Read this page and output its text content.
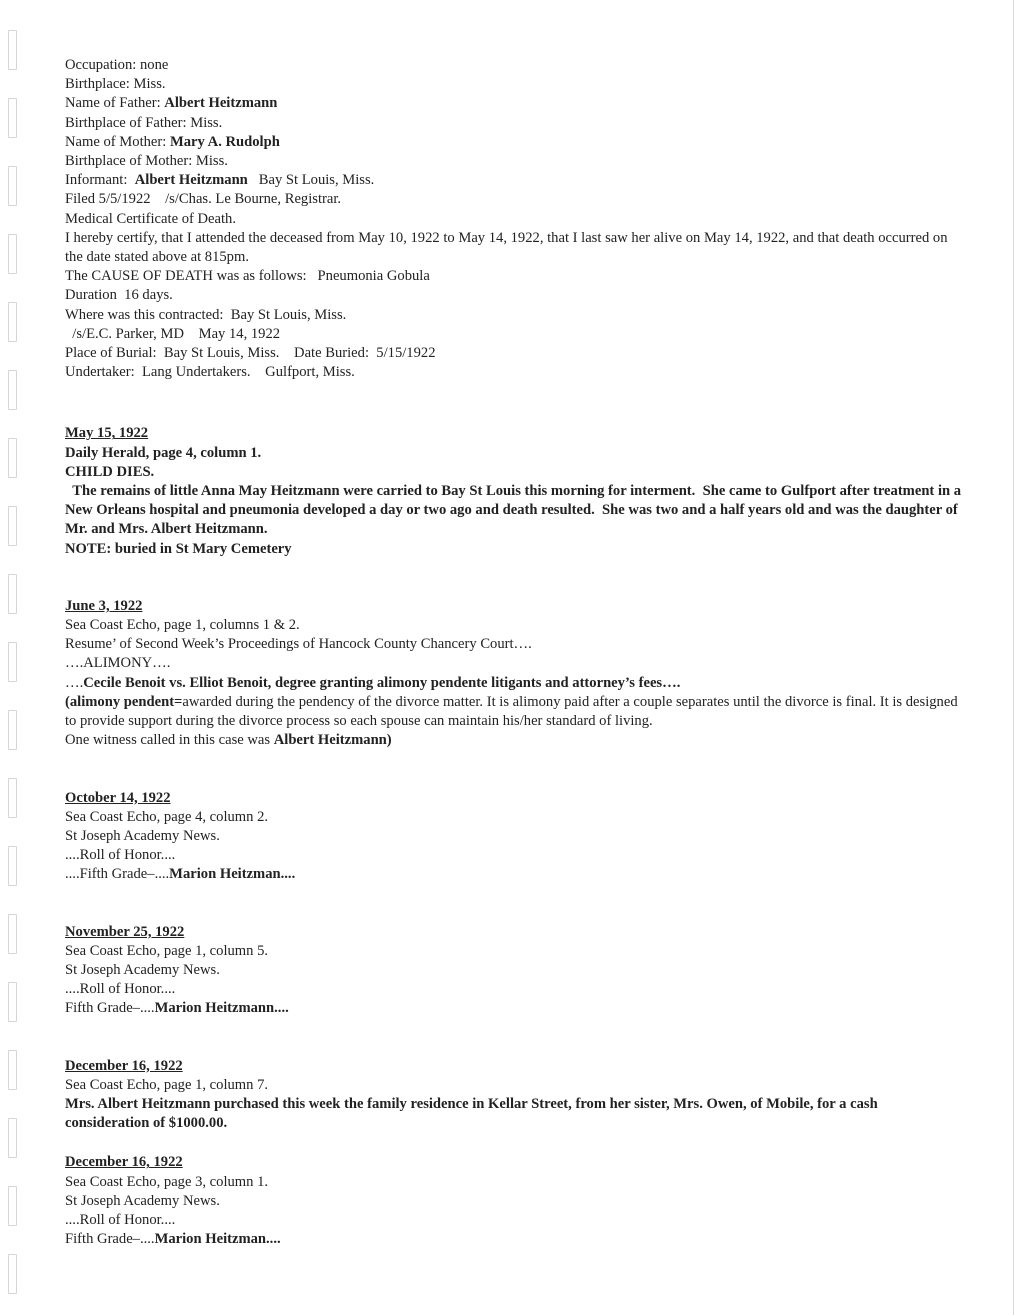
Occupation: none

Birthplace: Miss.

Name of Father: Albert Heitzmann

Birthplace of Father: Miss.

Name of Mother: Mary A. Rudolph

Birthplace of Mother: Miss.

Informant:  Albert Heitzmann   Bay St Louis, Miss.

Filed 5/5/1922    /s/Chas. Le Bourne, Registrar.

Medical Certificate of Death.

I hereby certify, that I attended the deceased from May 10, 1922 to May 14, 1922, that I last saw her alive on May 14, 1922, and that death occurred on the date stated above at 815pm.

The CAUSE OF DEATH was as follows:   Pneumonia Gobula

Duration  16 days.

Where was this contracted:  Bay St Louis, Miss.

/s/E.C. Parker, MD    May 14, 1922

Place of Burial:  Bay St Louis, Miss.    Date Buried:  5/15/1922

Undertaker:  Lang Undertakers.    Gulfport, Miss.

May 15, 1922

Daily Herald, page 4, column 1.

CHILD DIES.

The remains of little Anna May Heitzmann were carried to Bay St Louis this morning for interment.  She came to Gulfport after treatment in a New Orleans hospital and pneumonia developed a day or two ago and death resulted.  She was two and a half years old and was the daughter of Mr. and Mrs. Albert Heitzmann.

NOTE: buried in St Mary Cemetery

June 3, 1922

Sea Coast Echo, page 1, columns 1 & 2.

Resume’ of Second Week’s Proceedings of Hancock County Chancery Court….

….ALIMONY….

….Cecile Benoit vs. Elliot Benoit, degree granting alimony pendente litigants and attorney’s fees….

(alimony pendent=awarded during the pendency of the divorce matter. It is alimony paid after a couple separates until the divorce is final. It is designed to provide support during the divorce process so each spouse can maintain his/her standard of living.

One witness called in this case was Albert Heitzmann)

October 14, 1922

Sea Coast Echo, page 4, column 2.

St Joseph Academy News.

....Roll of Honor....

....Fifth Grade–....Marion Heitzman....

November 25, 1922

Sea Coast Echo, page 1, column 5.

St Joseph Academy News.

....Roll of Honor....

Fifth Grade–....Marion Heitzmann....

December 16, 1922

Sea Coast Echo, page 1, column 7.

Mrs. Albert Heitzmann purchased this week the family residence in Kellar Street, from her sister, Mrs. Owen, of Mobile, for a cash consideration of $1000.00.

December 16, 1922

Sea Coast Echo, page 3, column 1.

St Joseph Academy News.

....Roll of Honor....

Fifth Grade–....Marion Heitzman....
